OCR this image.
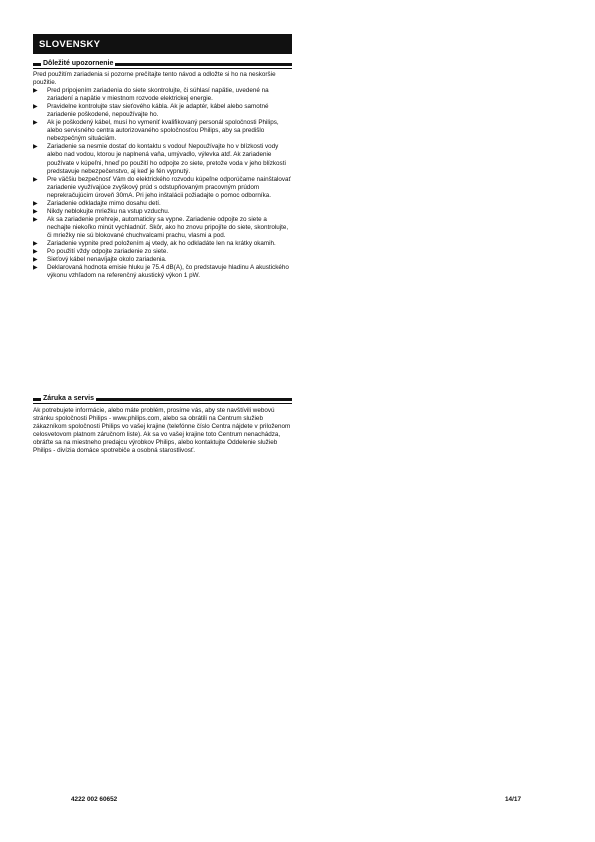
SLOVENSKY
Dôležité upozornenie

Pred použitím zariadenia si pozorne prečítajte tento návod a odložte si ho na neskoršie použitie.

▶ Pred pripojením zariadenia do siete skontrolujte, či súhlasí napätie, uvedené na zariadení a napätie v miestnom rozvode elektrickej energie.
▶ Pravidelne kontrolujte stav sieťového kábla. Ak je adaptér, kábel alebo samotné zariadenie poškodené, nepoužívajte ho.
▶ Ak je poškodený kábel, musí ho vymeniť kvalifikovaný personál spoločnosti Philips, alebo servisného centra autorizovaného spoločnosťou Philips, aby sa predišlo nebezpečným situáciám.
▶ Zariadenie sa nesmie dostať do kontaktu s vodou! Nepoužívajte ho v blízkosti vody alebo nad vodou, ktorou je naplnená vaňa, umývadlo, výlevka atď. Ak zariadenie používate v kúpeľni, hneď po použití ho odpojte zo siete, pretože voda v jeho blízkosti predstavuje nebezpečenstvo, aj keď je fén vypnutý.
▶ Pre väčšiu bezpečnosť Vám do elektrického rozvodu kúpeľne odporúčame nainštalovať zariadenie využívajúce zvyškový prúd s odstupňovaným pracovným prúdom neprekračujúcim úroveň 30mA. Pri jeho inštalácii požiadajte o pomoc odborníka.
▶ Zariadenie odkladajte mimo dosahu detí.
▶ Nikdy neblokujte mriežku na vstup vzduchu.
▶ Ak sa zariadenie prehreje, automaticky sa vypne. Zariadenie odpojte zo siete a nechajte niekoľko minút vychladnúť. Skôr, ako ho znovu pripojíte do siete, skontrolujte, či mriežky nie sú blokované chuchvalcami prachu, vlasmi a pod.
▶ Zariadenie vypnite pred položením aj vtedy, ak ho odkladáte len na krátky okamih.
▶ Po použití vždy odpojte zariadenie zo siete.
▶ Sieťový kábel nenavíjajte okolo zariadenia.
▶ Deklarovaná hodnota emisie hluku je 75.4 dB(A), čo predstavuje hladinu A akustického výkonu vzhľadom na referenčný akustický výkon 1 pW.
Záruka a servis

Ak potrebujete informácie, alebo máte problém, prosíme vás, aby ste navštívili webovú stránku spoločnosti Philips - www.philips.com, alebo sa obrátili na Centrum služieb zákazníkom spoločnosti Philips vo vašej krajine (telefónne číslo Centra nájdete v priloženom celosvetovom platnom záručnom liste). Ak sa vo vašej krajine toto Centrum nenachádza, obráťte sa na miestneho predajcu výrobkov Philips, alebo kontaktujte Oddelenie služieb Philips - divízia domáce spotrebiče a osobná starostlivosť.

4222 002 60652	14/17
